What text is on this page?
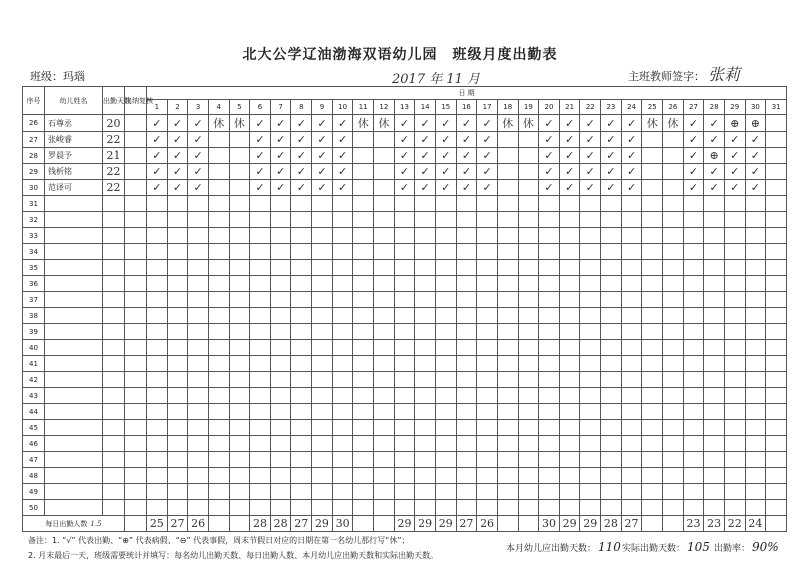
北大公学辽油渤海双语幼儿园　班级月度出勤表
班级：玛瑙	2017 年 11 月	主班教师签字： 张莉
序号	幼儿姓名	出勤天数	出纳复核	日 期																														
				1	2	3	4	5	6	7	8	9	10	11	12	13	14	15	16	17	18	19	20	21	22	23	24	25	26	27	28	29	30	31
26	石尊丞	20		✓	✓	✓	休	休	✓	✓	✓	✓	✓	休	休	✓	✓	✓	✓	✓	休	休	✓	✓	✓	✓	✓	休	休	✓	✓	⊕	⊕	
27	张峻睿	22		✓	✓	✓			✓	✓	✓	✓	✓			✓	✓	✓	✓	✓			✓	✓	✓	✓	✓			✓	✓	✓	✓	
28	罗晨予	21		✓	✓	✓			✓	✓	✓	✓	✓			✓	✓	✓	✓	✓			✓	✓	✓	✓	✓			✓	⊕	✓	✓	
29	钱析铭	22		✓	✓	✓			✓	✓	✓	✓	✓			✓	✓	✓	✓	✓			✓	✓	✓	✓	✓			✓	✓	✓	✓	
30	范译可	22		✓	✓	✓			✓	✓	✓	✓	✓			✓	✓	✓	✓	✓			✓	✓	✓	✓	✓			✓	✓	✓	✓	
31																																		
32																																		
33																																		
34																																		
35																																		
36																																		
37																																		
38																																		
39																																		
40																																		
41																																		
42																																		
43																																		
44																																		
45																																		
46																																		
47																																		
48																																		
49																																		
50																																		
每日出勤人数 1.5				25	27	26			28	28	27	29	30			29	29	29	27	26			30	29	29	28	27			23	23	22	24	
备注：1. “√” 代表出勤、“⊕” 代表病假、“⊖” 代表事假，周末节假日对应的日期在第一名幼儿那行写“休”；
2. 月末最后一天，班级需要统计并填写：每名幼儿出勤天数、每日出勤人数、本月幼儿应出勤天数和实际出勤天数。
本月幼儿应出勤天数： 110 实际出勤天数： 105 出勤率： 90%
